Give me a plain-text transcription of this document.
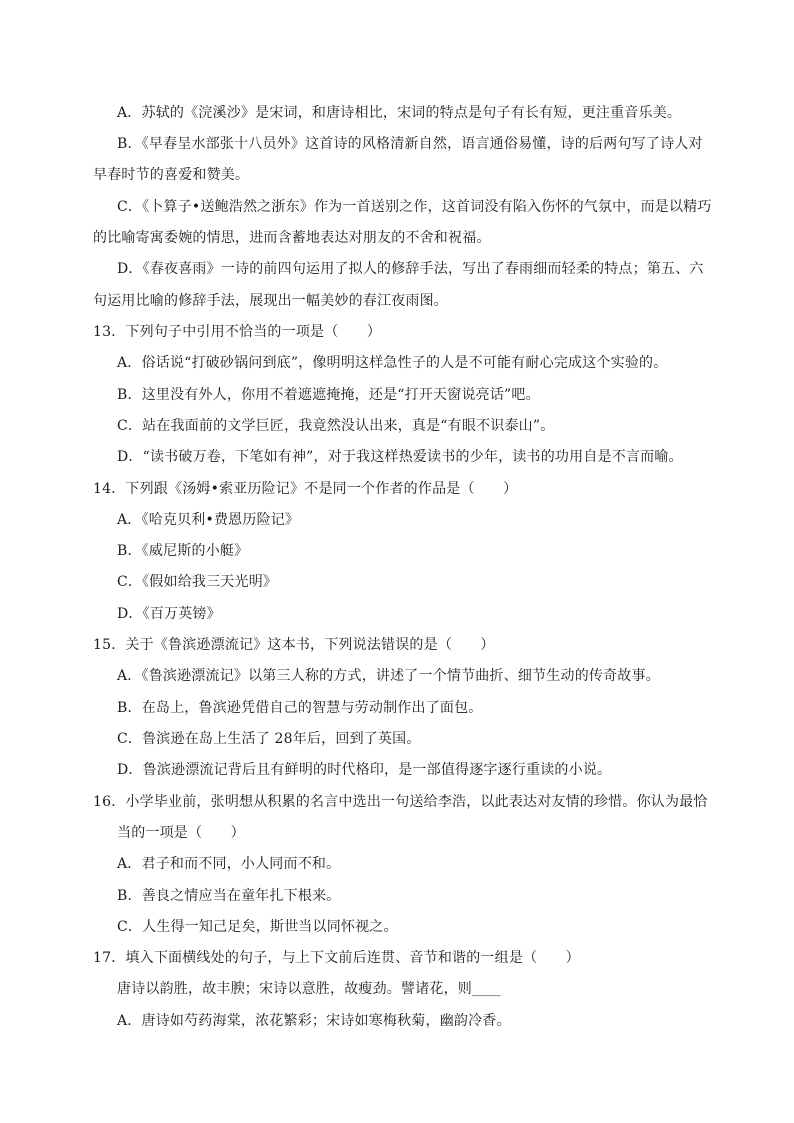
A．苏轼的《浣溪沙》是宋词，和唐诗相比，宋词的特点是句子有长有短，更注重音乐美。
B．《早春呈水部张十八员外》这首诗的风格清新自然，语言通俗易懂，诗的后两句写了诗人对
早春时节的喜爱和赞美。
C．《卜算子•送鲍浩然之浙东》作为一首送别之作，这首词没有陷入伤怀的气氛中，而是以精巧
的比喻寄寓委婉的情思，进而含蓄地表达对朋友的不舍和祝福。
D．《春夜喜雨》一诗的前四句运用了拟人的修辞手法，写出了春雨细而轻柔的特点；第五、六
句运用比喻的修辞手法，展现出一幅美妙的春江夜雨图。
13．下列句子中引用不恰当的一项是（　　）
A．俗话说“打破砂锅问到底”，像明明这样急性子的人是不可能有耐心完成这个实验的。
B．这里没有外人，你用不着遮遮掩掩，还是“打开天窗说亮话”吧。
C．站在我面前的文学巨匠，我竟然没认出来，真是“有眼不识泰山”。
D．“读书破万卷，下笔如有神”，对于我这样热爱读书的少年，读书的功用自是不言而喻。
14．下列跟《汤姆•索亚历险记》不是同一个作者的作品是（　　）
A．《哈克贝利•费恩历险记》
B．《威尼斯的小艇》
C．《假如给我三天光明》
D．《百万英镑》
15．关于《鲁滨逊漂流记》这本书，下列说法错误的是（　　）
A．《鲁滨逊漂流记》以第三人称的方式，讲述了一个情节曲折、细节生动的传奇故事。
B．在岛上，鲁滨逊凭借自己的智慧与劳动制作出了面包。
C．鲁滨逊在岛上生活了 28年后，回到了英国。
D．鲁滨逊漂流记背后且有鲜明的时代格印，是一部值得逐字逐行重读的小说。
16．小学毕业前，张明想从积累的名言中选出一句送给李浩，以此表达对友情的珍惜。你认为最恰
当的一项是（　　）
A．君子和而不同，小人同而不和。
B．善良之情应当在童年扎下根来。
C．人生得一知己足矣，斯世当以同怀视之。
17．填入下面横线处的句子，与上下文前后连贯、音节和谐的一组是（　　）
唐诗以韵胜，故丰腴；宋诗以意胜，故瘦劲。譬诸花，则____
A．唐诗如芍药海棠，浓花繁彩；宋诗如寒梅秋菊，幽韵冷香。
